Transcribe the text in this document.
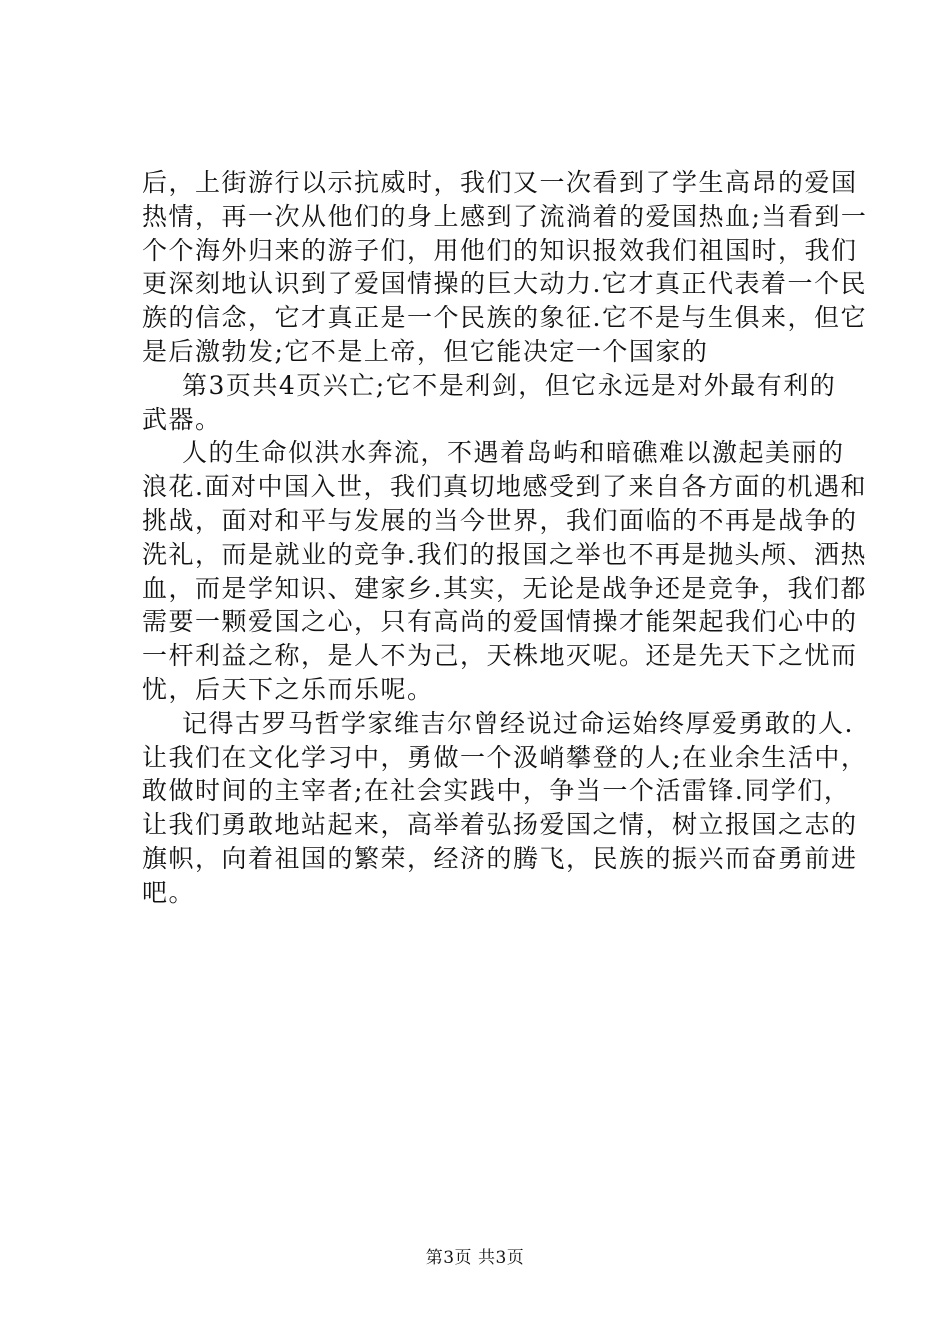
后，上街游行以示抗威时，我们又一次看到了学生高昂的爱国
热情，再一次从他们的身上感到了流淌着的爱国热血;当看到一
个个海外归来的游子们，用他们的知识报效我们祖国时，我们
更深刻地认识到了爱国情操的巨大动力.它才真正代表着一个民
族的信念，它才真正是一个民族的象征.它不是与生俱来，但它
是后激勃发;它不是上帝，但它能决定一个国家的
第3页共4页兴亡;它不是利剑，但它永远是对外最有利的
武器。
人的生命似洪水奔流，不遇着岛屿和暗礁难以激起美丽的
浪花.面对中国入世，我们真切地感受到了来自各方面的机遇和
挑战，面对和平与发展的当今世界，我们面临的不再是战争的
洗礼，而是就业的竞争.我们的报国之举也不再是抛头颅、洒热
血，而是学知识、建家乡.其实，无论是战争还是竞争，我们都
需要一颗爱国之心，只有高尚的爱国情操才能架起我们心中的
一杆利益之称，是人不为己，天株地灭呢。还是先天下之忧而
忧，后天下之乐而乐呢。
记得古罗马哲学家维吉尔曾经说过命运始终厚爱勇敢的人.
让我们在文化学习中，勇做一个汲峭攀登的人;在业余生活中，
敢做时间的主宰者;在社会实践中，争当一个活雷锋.同学们，
让我们勇敢地站起来，高举着弘扬爱国之情，树立报国之志的
旗帜，向着祖国的繁荣，经济的腾飞，民族的振兴而奋勇前进
吧。
第3页 共3页
